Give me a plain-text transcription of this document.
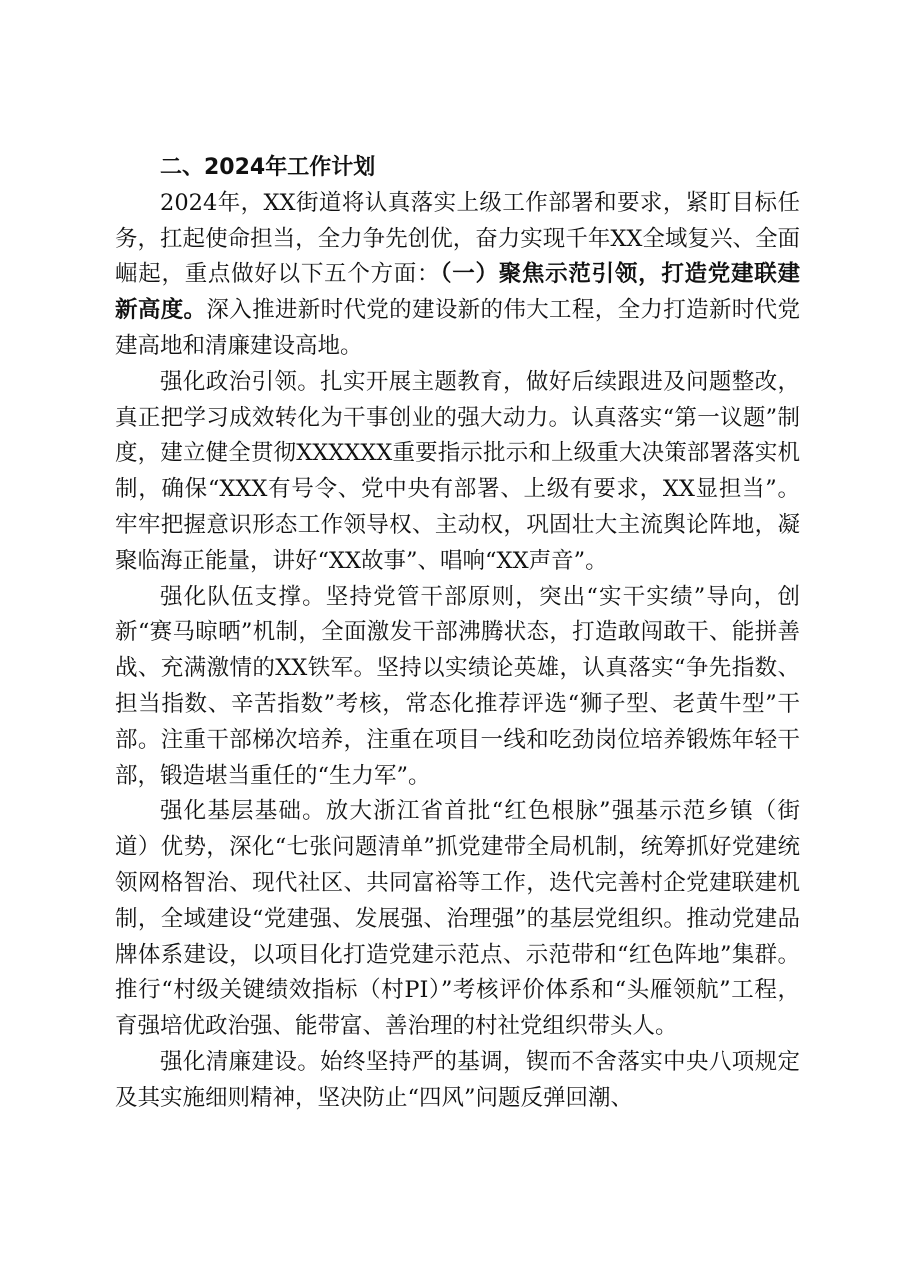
二、2024年工作计划

2024年，XX街道将认真落实上级工作部署和要求，紧盯目标任务，扛起使命担当，全力争先创优，奋力实现千年XX全域复兴、全面崛起，重点做好以下五个方面：（一）聚焦示范引领，打造党建联建新高度。深入推进新时代党的建设新的伟大工程，全力打造新时代党建高地和清廉建设高地。

强化政治引领。扎实开展主题教育，做好后续跟进及问题整改，真正把学习成效转化为干事创业的强大动力。认真落实“第一议题”制度，建立健全贯彻XXXXXX重要指示批示和上级重大决策部署落实机制，确保“XXX有号令、党中央有部署、上级有要求，XX显担当”。牢牢把握意识形态工作领导权、主动权，巩固壮大主流舆论阵地，凝聚临海正能量，讲好“XX故事”、唱响“XX声音”。

强化队伍支撑。坚持党管干部原则，突出“实干实绩”导向，创新“赛马晾晒”机制，全面激发干部沸腾状态，打造敢闯敢干、能拼善战、充满激情的XX铁军。坚持以实绩论英雄，认真落实“争先指数、担当指数、辛苦指数”考核，常态化推荐评选“狮子型、老黄牛型”干部。注重干部梯次培养，注重在项目一线和吃劲岗位培养锻炼年轻干部，锻造堪当重任的“生力军”。

强化基层基础。放大浙江省首批“红色根脉”强基示范乡镇（街道）优势，深化“七张问题清单”抓党建带全局机制，统筹抓好党建统领网格智治、现代社区、共同富裕等工作，迭代完善村企党建联建机制，全域建设“党建强、发展强、治理强”的基层党组织。推动党建品牌体系建设，以项目化打造党建示范点、示范带和“红色阵地”集群。推行“村级关键绩效指标（村PI）”考核评价体系和“头雁领航”工程，育强培优政治强、能带富、善治理的村社党组织带头人。

强化清廉建设。始终坚持严的基调，锲而不舍落实中央八项规定及其实施细则精神，坚决防止“四风”问题反弹回潮、
